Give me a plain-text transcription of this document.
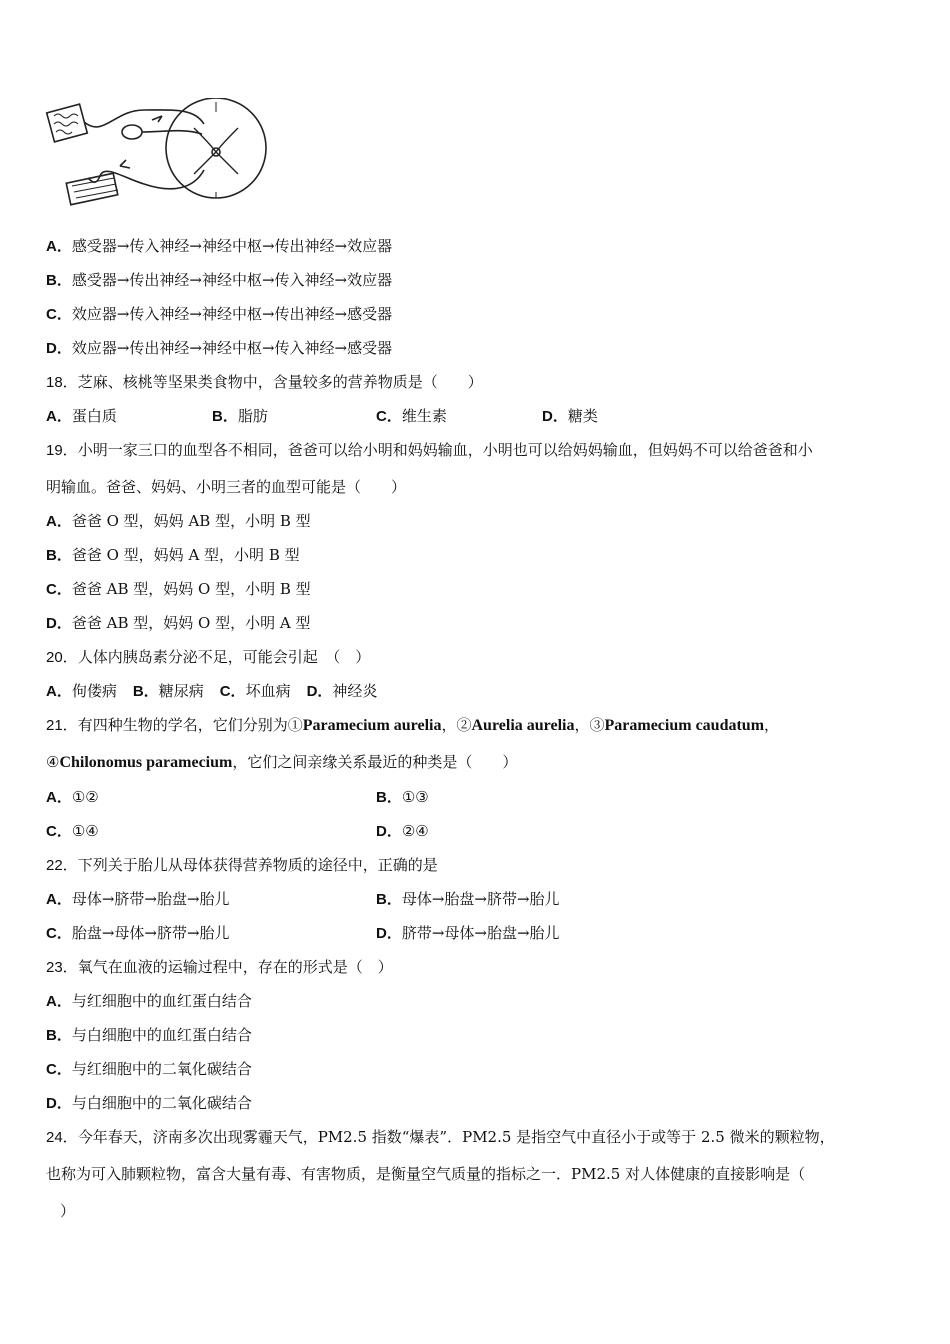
A．感受器→传入神经→神经中枢→传出神经→效应器
B．感受器→传出神经→神经中枢→传入神经→效应器
C．效应器→传入神经→神经中枢→传出神经→感受器
D．效应器→传出神经→神经中枢→传入神经→感受器
18．芝麻、核桃等坚果类食物中，含量较多的营养物质是（　　）
A．蛋白质	B．脂肪	C．维生素	D．糖类
19．小明一家三口的血型各不相同，爸爸可以给小明和妈妈输血，小明也可以给妈妈输血，但妈妈不可以给爸爸和小
明输血。爸爸、妈妈、小明三者的血型可能是（　　）
A．爸爸 O 型，妈妈 AB 型，小明 B 型
B．爸爸 O 型，妈妈 A 型，小明 B 型
C．爸爸 AB 型，妈妈 O 型，小明 B 型
D．爸爸 AB 型，妈妈 O 型，小明 A 型
20．人体内胰岛素分泌不足，可能会引起　（　）
A．佝偻病 B．糖尿病 C．坏血病 D．神经炎
21．有四种生物的学名，它们分别为①Paramecium aurelia，②Aurelia aurelia，③Paramecium caudatum，
④Chilonomus paramecium，它们之间亲缘关系最近的种类是（　　）
A．①②	B．①③
C．①④	D．②④
22．下列关于胎儿从母体获得营养物质的途径中，正确的是
A．母体→脐带→胎盘→胎儿	B．母体→胎盘→脐带→胎儿
C．胎盘→母体→脐带→胎儿	D．脐带→母体→胎盘→胎儿
23．氧气在血液的运输过程中，存在的形式是（　）
A．与红细胞中的血红蛋白结合
B．与白细胞中的血红蛋白结合
C．与红细胞中的二氧化碳结合
D．与白细胞中的二氧化碳结合
24．今年春天，济南多次出现雾霾天气，PM2.5 指数“爆表”．PM2.5 是指空气中直径小于或等于 2.5 微米的颗粒物，
也称为可入肺颗粒物，富含大量有毒、有害物质，是衡量空气质量的指标之一．PM2.5 对人体健康的直接影响是（
）
